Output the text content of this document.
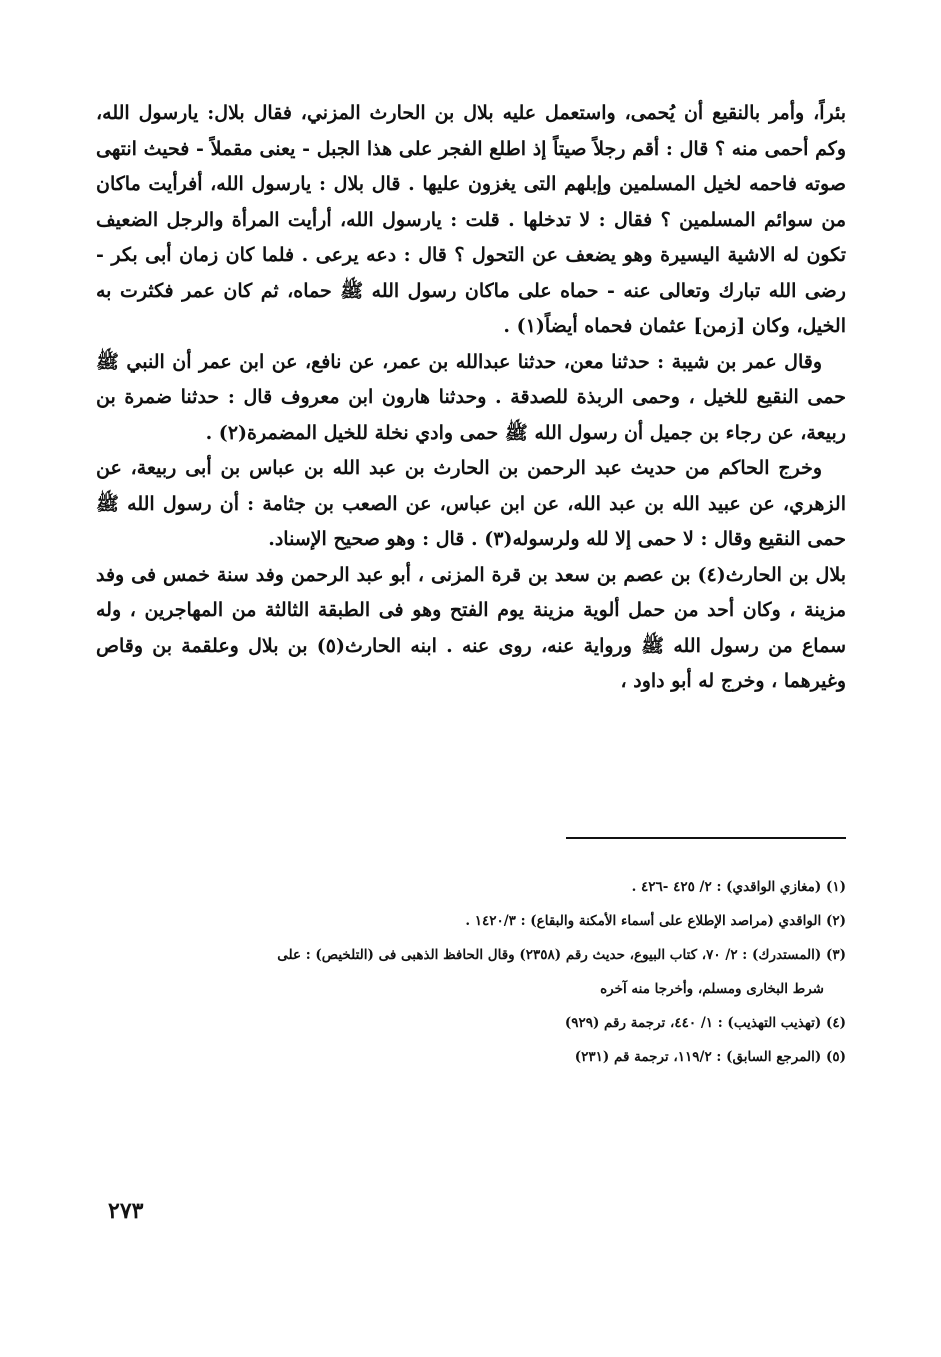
بئراً، وأمر بالنقيع أن يُحمى، واستعمل عليه بلال بن الحارث المزني، فقال بلال: يارسول الله، وكم أحمى منه ؟ قال : أقم رجلاً صيتاً إذ اطلع الفجر على هذا الجبل - يعنى مقملاً - فحيث انتهى صوته فاحمه لخيل المسلمين وإبلهم التى يغزون عليها . قال بلال : يارسول الله، أفرأيت ماكان من سوائم المسلمين ؟ فقال : لا تدخلها . قلت : يارسول الله، أرأيت المرأة والرجل الضعيف تكون له الاشية اليسيرة وهو يضعف عن التحول ؟ قال : دعه يرعى . فلما كان زمان أبى بكر - رضى الله تبارك وتعالى عنه - حماه على ماكان رسول الله ﷺ حماه، ثم كان عمر فكثرت به الخيل، وكان [زمن] عثمان فحماه أيضاً(١) .

وقال عمر بن شيبة : حدثنا معن، حدثنا عبدالله بن عمر، عن نافع، عن ابن عمر أن النبي ﷺ حمى النقيع للخيل ، وحمى الربذة للصدقة . وحدثنا هارون ابن معروف قال : حدثنا ضمرة بن ربيعة، عن رجاء بن جميل أن رسول الله ﷺ حمى وادي نخلة للخيل المضمرة(٢) .

وخرج الحاكم من حديث عبد الرحمن بن الحارث بن عبد الله بن عباس بن أبى ربيعة، عن الزهري، عن عبيد الله بن عبد الله، عن ابن عباس، عن الصعب بن جثامة : أن رسول الله ﷺ حمى النقيع وقال : لا حمى إلا لله ولرسوله(٣) . قال : وهو صحيح الإسناد.

بلال بن الحارث(٤) بن عصم بن سعد بن قرة المزنى ، أبو عبد الرحمن وفد سنة خمس فى وفد مزينة ، وكان أحد من حمل ألوية مزينة يوم الفتح وهو فى الطبقة الثالثة من المهاجرين ، وله سماع من رسول الله ﷺ ورواية عنه، روى عنه . ابنه الحارث(٥) بن بلال وعلقمة بن وقاص وغيرهما ، وخرج له أبو داود ،

(١) (مغازي الواقدي) : ٢/ ٤٢٥ -٤٢٦ .

(٢) الواقدي (مراصد الإطلاع على أسماء الأمكنة والبقاع) : ١٤٢٠/٣ .

(٣) (المستدرك) : ٢/ ٧٠، كتاب البيوع، حديث رقم (٢٣٥٨) وقال الحافظ الذهبى فى (التلخيص) : على

شرط البخارى ومسلم، وأخرجا منه آخره

(٤) (تهذيب التهذيب) : ١/ ٤٤٠، ترجمة رقم (٩٢٩)

(٥) (المرجع السابق) : ١١٩/٢، ترجمة قم (٢٣١)

٢٧٣
